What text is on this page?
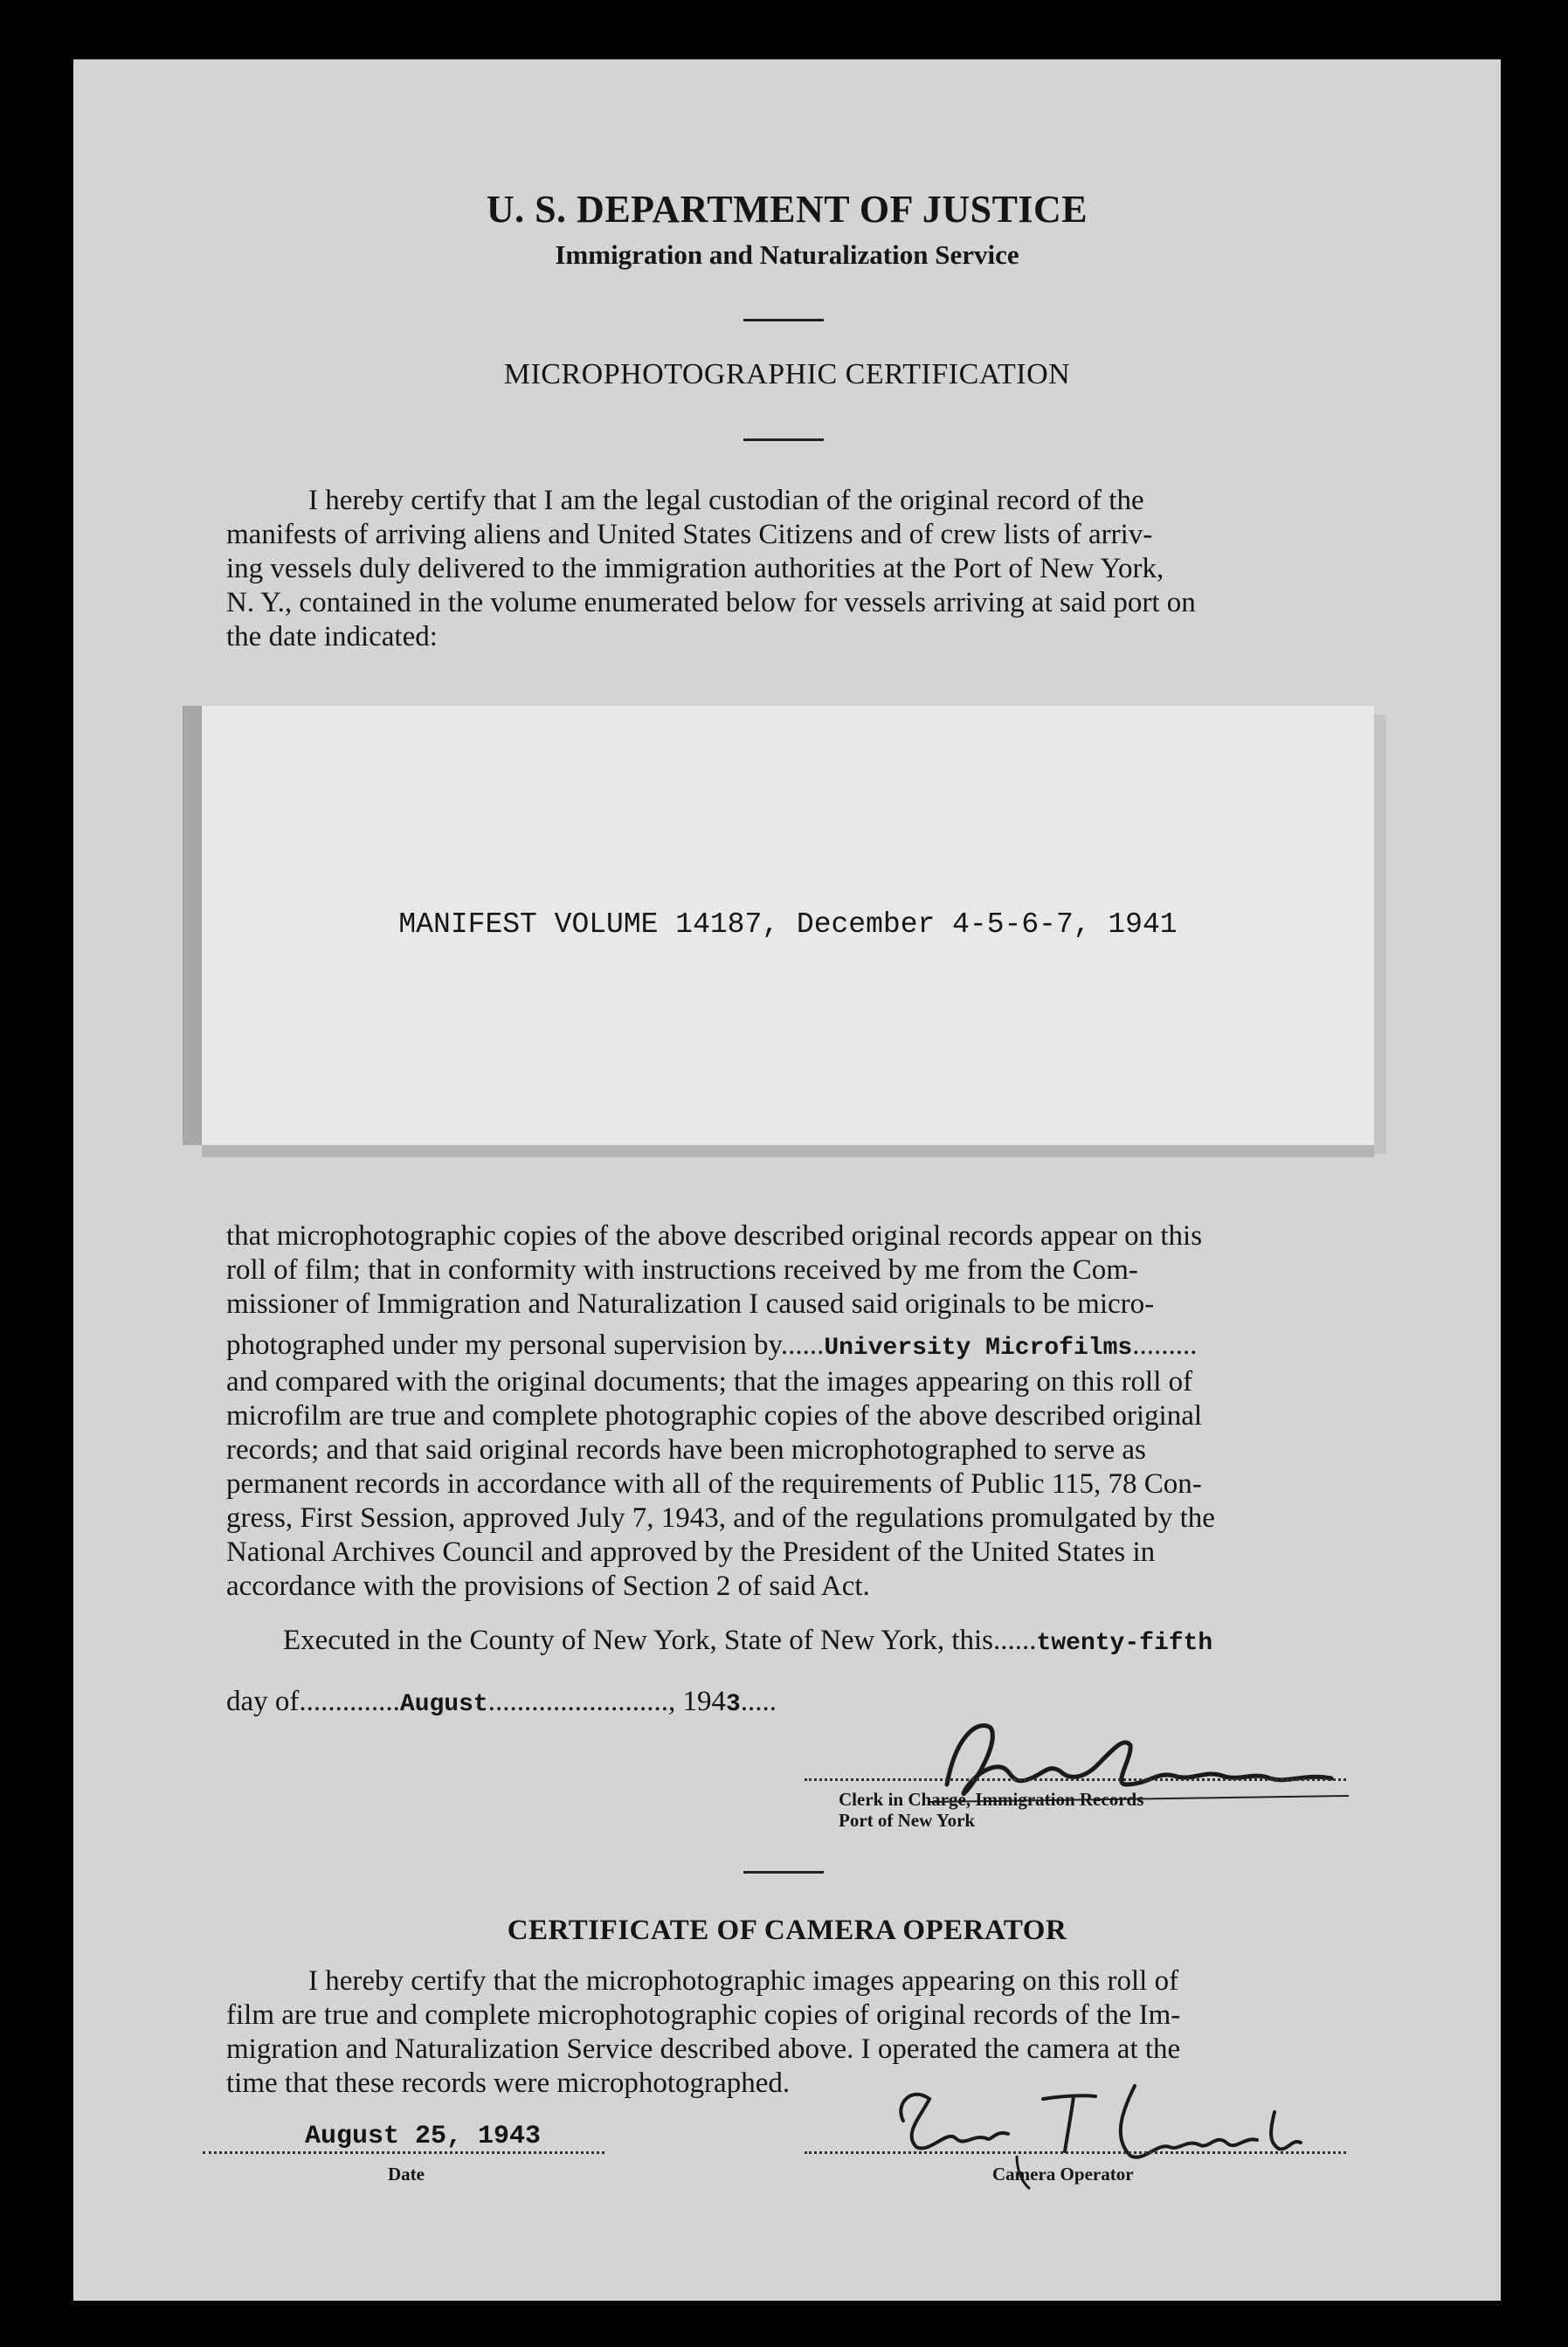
U. S. DEPARTMENT OF JUSTICE
Immigration and Naturalization Service
MICROPHOTOGRAPHIC CERTIFICATION
I hereby certify that I am the legal custodian of the original record of the
manifests of arriving aliens and United States Citizens and of crew lists of arriv-
ing vessels duly delivered to the immigration authorities at the Port of New York,
N. Y., contained in the volume enumerated below for vessels arriving at said port on
the date indicated:
MANIFEST VOLUME 14187, December 4-5-6-7, 1941
that microphotographic copies of the above described original records appear on this
roll of film; that in conformity with instructions received by me from the Com-
missioner of Immigration and Naturalization I caused said originals to be micro-
photographed under my personal supervision by......University Microfilms.........
and compared with the original documents; that the images appearing on this roll of
microfilm are true and complete photographic copies of the above described original
records; and that said original records have been microphotographed to serve as
permanent records in accordance with all of the requirements of Public 115, 78 Con-
gress, First Session, approved July 7, 1943, and of the regulations promulgated by the
National Archives Council and approved by the President of the United States in
accordance with the provisions of Section 2 of said Act.
Executed in the County of New York, State of New York, this......twenty-fifth
day of..............August........................., 1943.....
Clerk in Charge, Immigration Records
Port of New York
CERTIFICATE OF CAMERA OPERATOR
I hereby certify that the microphotographic images appearing on this roll of
film are true and complete microphotographic copies of original records of the Im-
migration and Naturalization Service described above. I operated the camera at the
time that these records were microphotographed.
August 25, 1943
Date	Camera Operator
